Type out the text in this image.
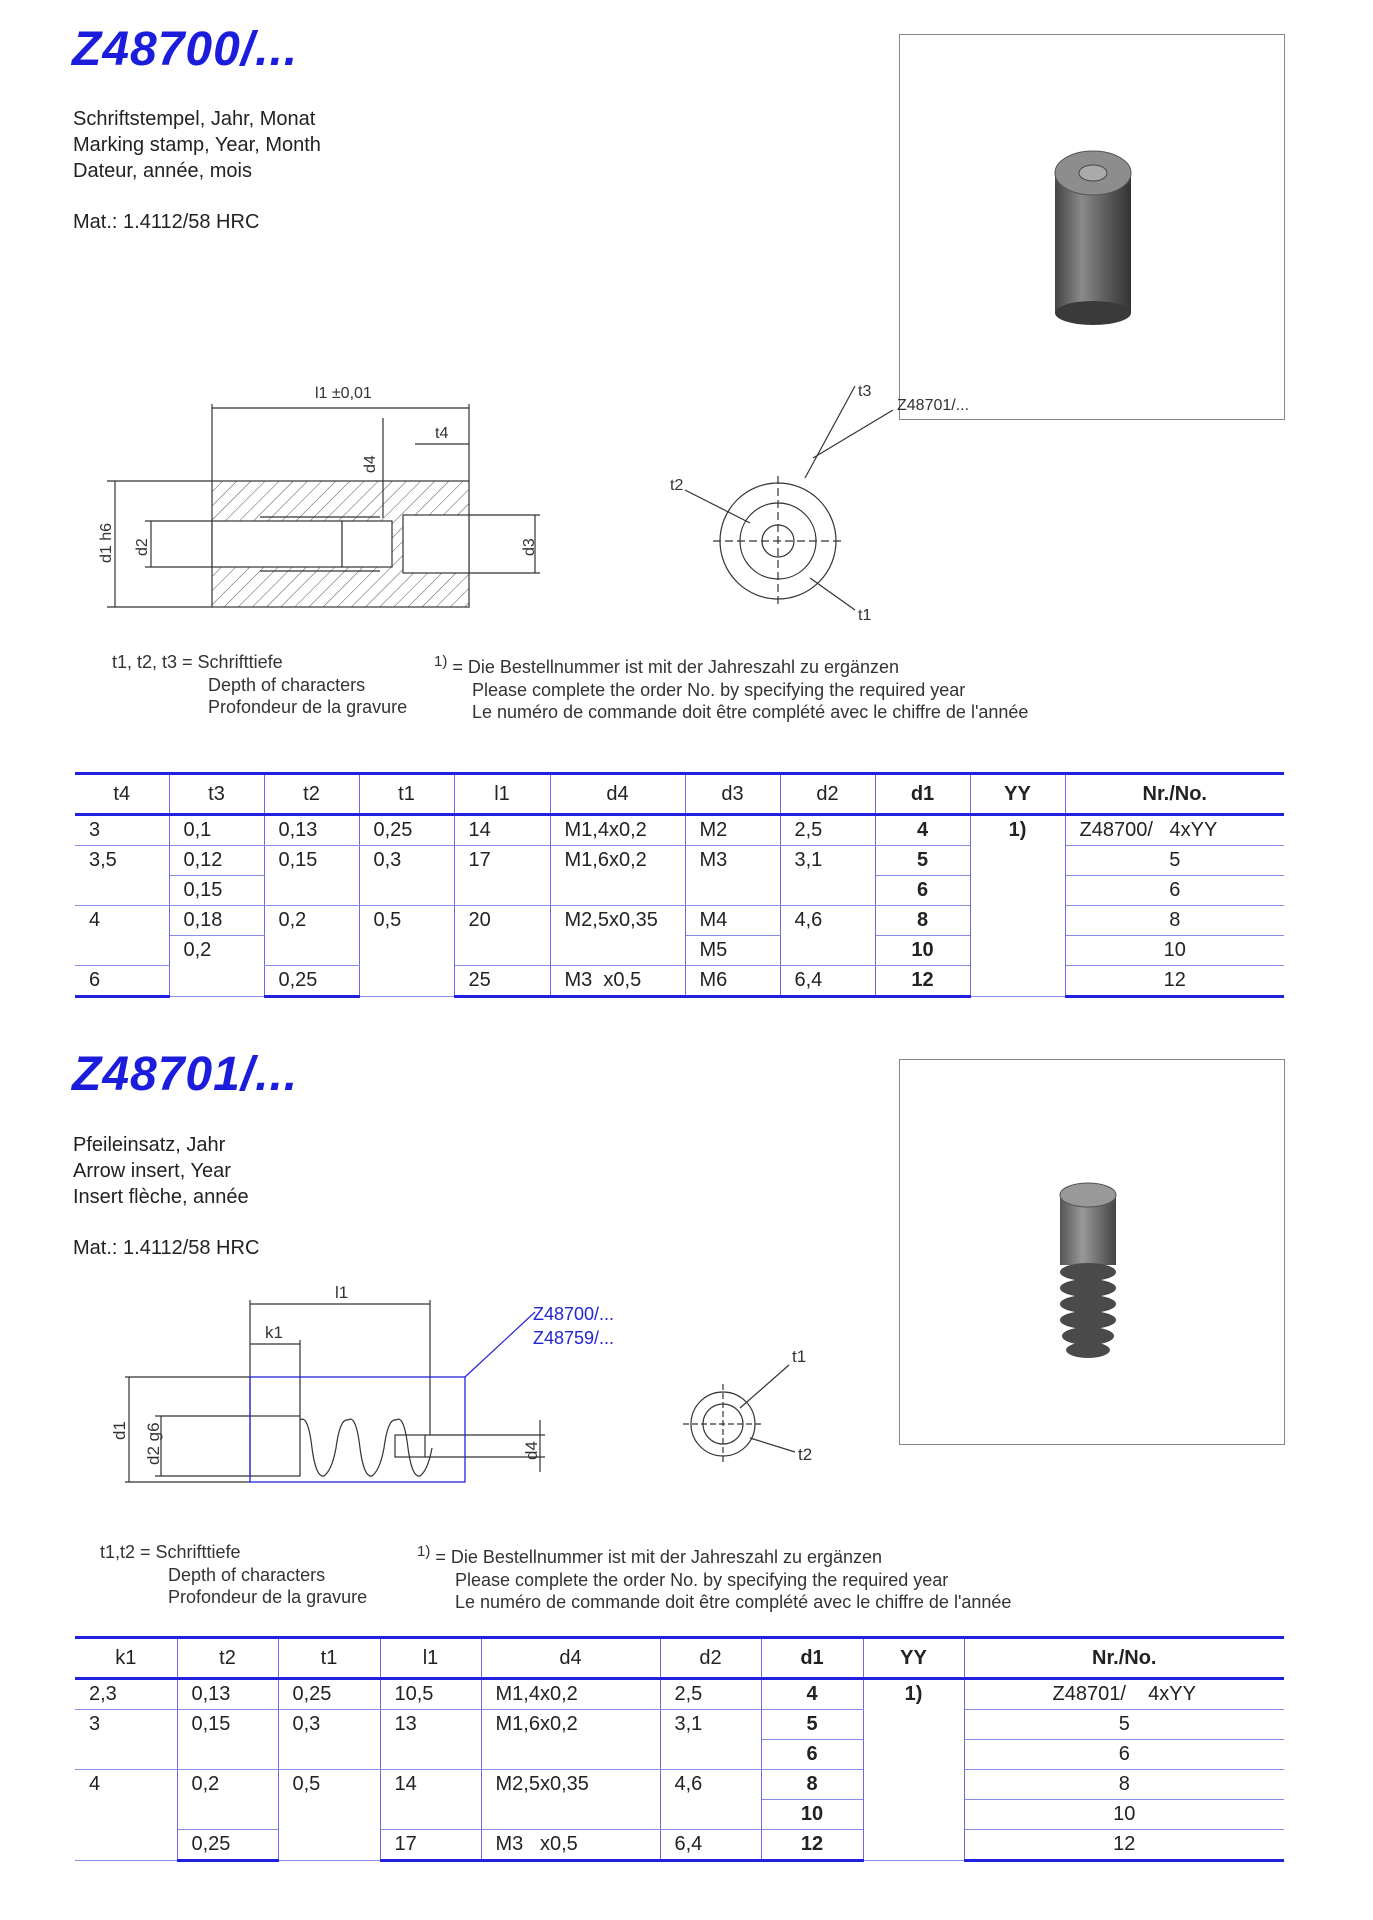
Z48700/...
Schriftstempel, Jahr, Monat
Marking stamp, Year, Month
Dateur, année, mois
Mat.: 1.4112/58 HRC
l1 ±0,01
t4
d4
d1 h6 d2	d3
t3
t2
t1
Z48701/...
t1, t2, t3 = Schrifttiefe
Depth of characters
Profondeur de la gravure
$^{1)}$ = Die Bestellnummer ist mit der Jahreszahl zu ergänzen
Please complete the order No. by specifying the required year
Le numéro de commande doit être complété avec le chiffre de l'année
t4	t3	t2	t1	l1	d4	d3	d2	d1	YY	Nr./No.
3	0,1	0,13	0,25	14	M1,4x0,2	M2	2,5	4	1)	Z48700/   4xYY
3,5	0,12	0,15	0,3	17	M1,6x0,2	M3	3,1	5		5
	0,15							6		6
4	0,18	0,2	0,5	20	M2,5x0,35	M4	4,6	8		8
	0,2					M5		10		10
6		0,25		25	M3  x0,5	M6	6,4	12		12
Z48701/...
Pfeileinsatz, Jahr
Arrow insert, Year
Insert flèche, année
Mat.: 1.4112/58 HRC
l1
k1
d1 d2 g6	d4
t1
t2
Z48700/...
Z48759/...
t1,t2 = Schrifttiefe
Depth of characters
Profondeur de la gravure
$^{1)}$ = Die Bestellnummer ist mit der Jahreszahl zu ergänzen
Please complete the order No. by specifying the required year
Le numéro de commande doit être complété avec le chiffre de l'année
k1	t2	t1	l1	d4	d2	d1	YY	Nr./No.
2,3	0,13	0,25	10,5	M1,4x0,2	2,5	4	1)	Z48701/    4xYY
3	0,15	0,3	13	M1,6x0,2	3,1	5		5
						6		6
4	0,2	0,5	14	M2,5x0,35	4,6	8		8
						10		10
	0,25		17	M3   x0,5	6,4	12		12
